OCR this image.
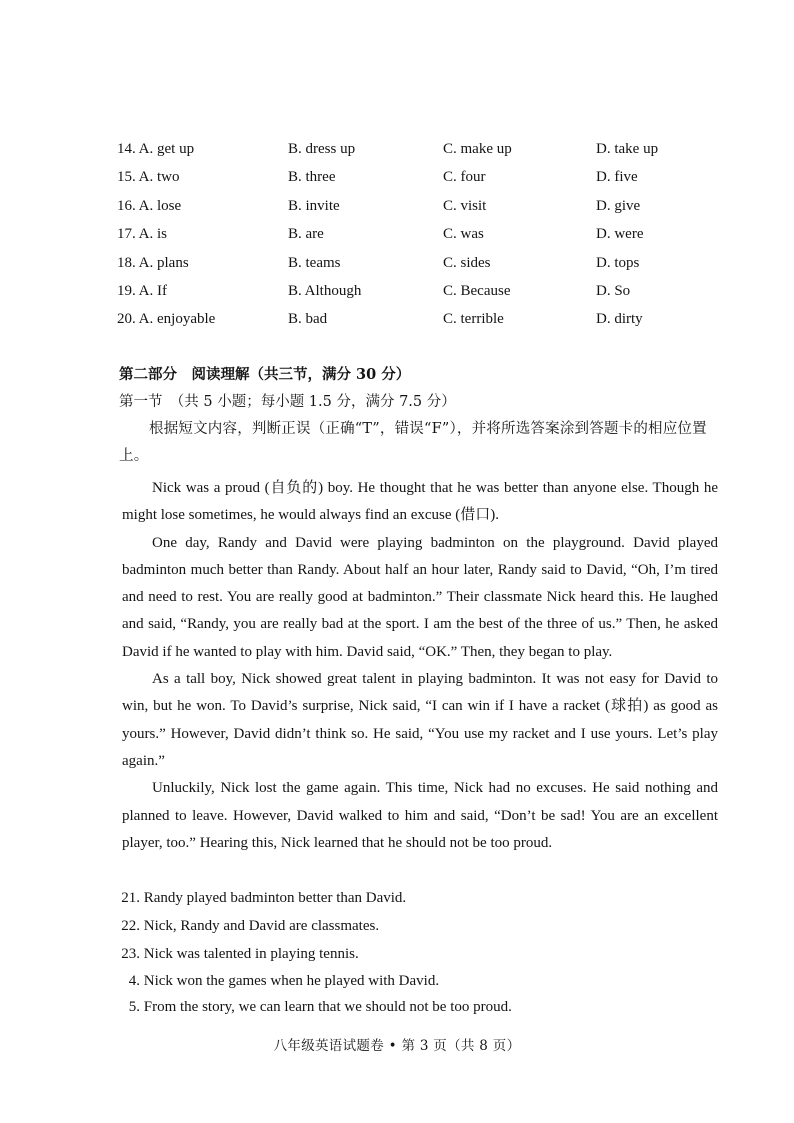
14. A. get up	B. dress up	C. make up	D. take up
15. A. two	B. three	C. four	D. five
16. A. lose	B. invite	C. visit	D. give
17. A. is	B. are	C. was	D. were
18. A. plans	B. teams	C. sides	D. tops
19. A. If	B. Although	C. Because	D. So
20. A. enjoyable	B. bad	C. terrible	D. dirty
第二部分　阅读理解（共三节，满分 30 分）
第一节　（共 5 小题；每小题 1.5 分，满分 7.5 分）
根据短文内容，判断正误（正确“T”，错误“F”），并将所选答案涂到答题卡的相应位置上。

Nick was a proud (自负的) boy. He thought that he was better than anyone else. Though he might lose sometimes, he would always find an excuse (借口).

One day, Randy and David were playing badminton on the playground. David played badminton much better than Randy. About half an hour later, Randy said to David, “Oh, I’m tired and need to rest. You are really good at badminton.” Their classmate Nick heard this. He laughed and said, “Randy, you are really bad at the sport. I am the best of the three of us.” Then, he asked David if he wanted to play with him. David said, “OK.” Then, they began to play.

As a tall boy, Nick showed great talent in playing badminton. It was not easy for David to win, but he won. To David’s surprise, Nick said, “I can win if I have a racket (球拍) as good as yours.” However, David didn’t think so. He said, “You use my racket and I use yours. Let’s play again.”

Unluckily, Nick lost the game again. This time, Nick had no excuses. He said nothing and planned to leave. However, David walked to him and said, “Don’t be sad! You are an excellent player, too.” Hearing this, Nick learned that he should not be too proud.

21. Randy played badminton better than David.
22. Nick, Randy and David are classmates.
23. Nick was talented in playing tennis.
4. Nick won the games when he played with David.
5. From the story, we can learn that we should not be too proud.
八年级英语试题卷 • 第 3 页（共 8 页）
